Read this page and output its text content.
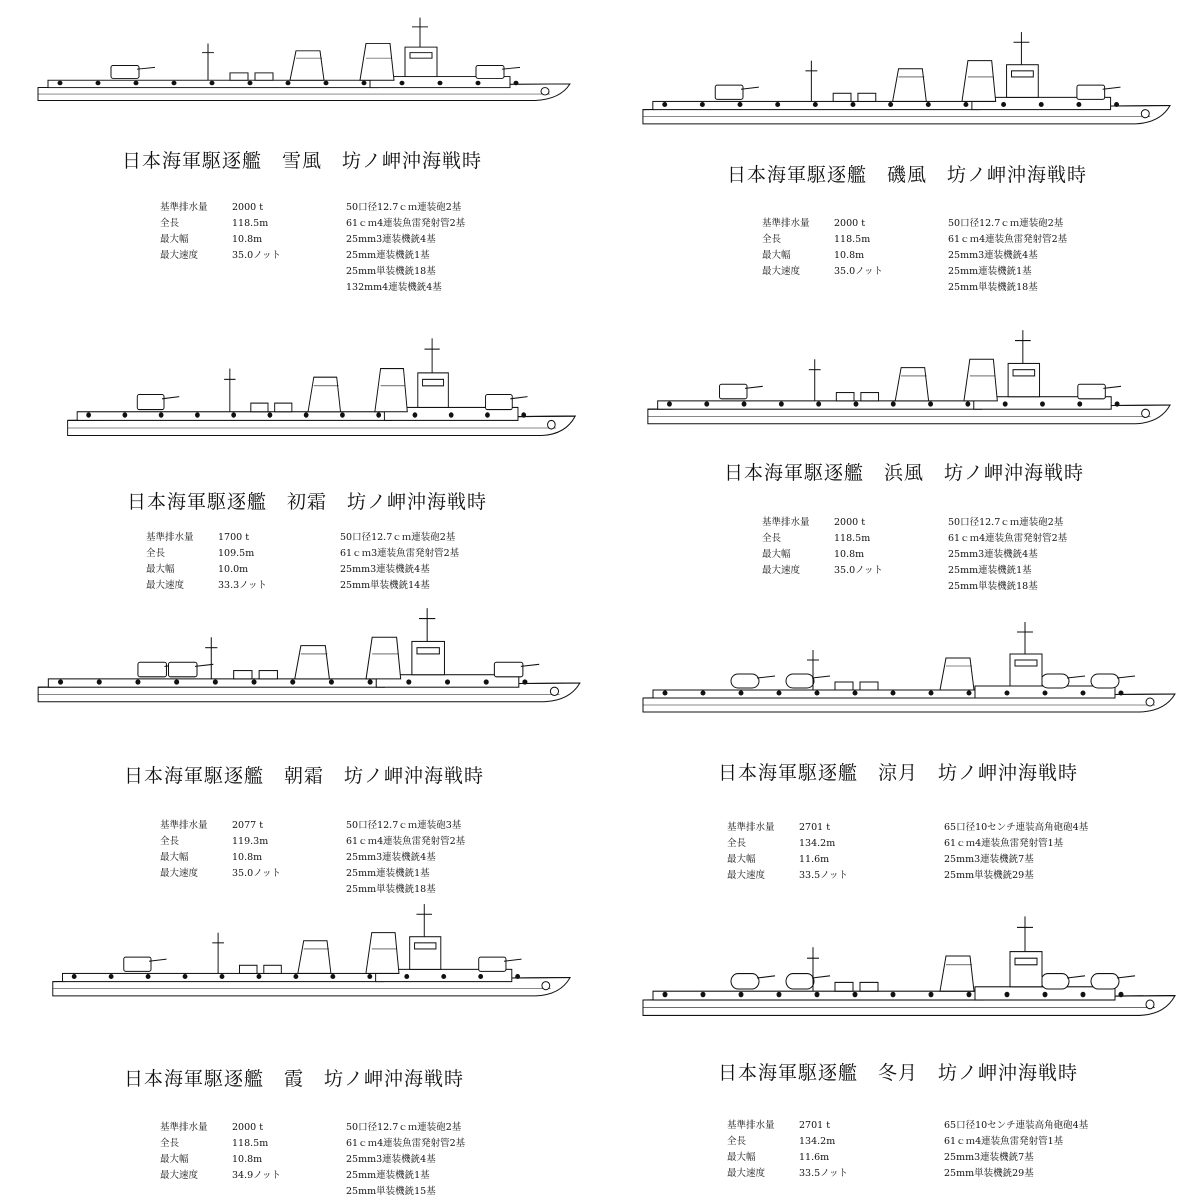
日本海軍駆逐艦　雪風　坊ノ岬沖海戦時
基準排水量	2000 t
全長	118.5m
最大幅	10.8m
最大速度	35.0ノット
50口径12.7ｃｍ連装砲2基
61ｃｍ4連装魚雷発射管2基
25mm3連装機銃4基
25mm連装機銃1基
25mm単装機銃18基
132mm4連装機銃4基
日本海軍駆逐艦　磯風　坊ノ岬沖海戦時
基準排水量	2000 t
全長	118.5m
最大幅	10.8m
最大速度	35.0ノット
50口径12.7ｃｍ連装砲2基
61ｃｍ4連装魚雷発射管2基
25mm3連装機銃4基
25mm連装機銃1基
25mm単装機銃18基
日本海軍駆逐艦　初霜　坊ノ岬沖海戦時
基準排水量	1700 t
全長	109.5m
最大幅	10.0m
最大速度	33.3ノット
50口径12.7ｃｍ連装砲2基
61ｃｍ3連装魚雷発射管2基
25mm3連装機銃4基
25mm単装機銃14基
日本海軍駆逐艦　浜風　坊ノ岬沖海戦時
基準排水量	2000 t
全長	118.5m
最大幅	10.8m
最大速度	35.0ノット
50口径12.7ｃｍ連装砲2基
61ｃｍ4連装魚雷発射管2基
25mm3連装機銃4基
25mm連装機銃1基
25mm単装機銃18基
日本海軍駆逐艦　朝霜　坊ノ岬沖海戦時
基準排水量	2077 t
全長	119.3m
最大幅	10.8m
最大速度	35.0ノット
50口径12.7ｃｍ連装砲3基
61ｃｍ4連装魚雷発射管2基
25mm3連装機銃4基
25mm連装機銃1基
25mm単装機銃18基
日本海軍駆逐艦　涼月　坊ノ岬沖海戦時
基準排水量	2701 t
全長	134.2m
最大幅	11.6m
最大速度	33.5ノット
65口径10センチ連装高角砲砲4基
61ｃｍ4連装魚雷発射管1基
25mm3連装機銃7基
25mm単装機銃29基
日本海軍駆逐艦　霞　坊ノ岬沖海戦時
基準排水量	2000 t
全長	118.5m
最大幅	10.8m
最大速度	34.9ノット
50口径12.7ｃｍ連装砲2基
61ｃｍ4連装魚雷発射管2基
25mm3連装機銃4基
25mm連装機銃1基
25mm単装機銃15基
日本海軍駆逐艦　冬月　坊ノ岬沖海戦時
基準排水量	2701 t
全長	134.2m
最大幅	11.6m
最大速度	33.5ノット
65口径10センチ連装高角砲砲4基
61ｃｍ4連装魚雷発射管1基
25mm3連装機銃7基
25mm単装機銃29基
